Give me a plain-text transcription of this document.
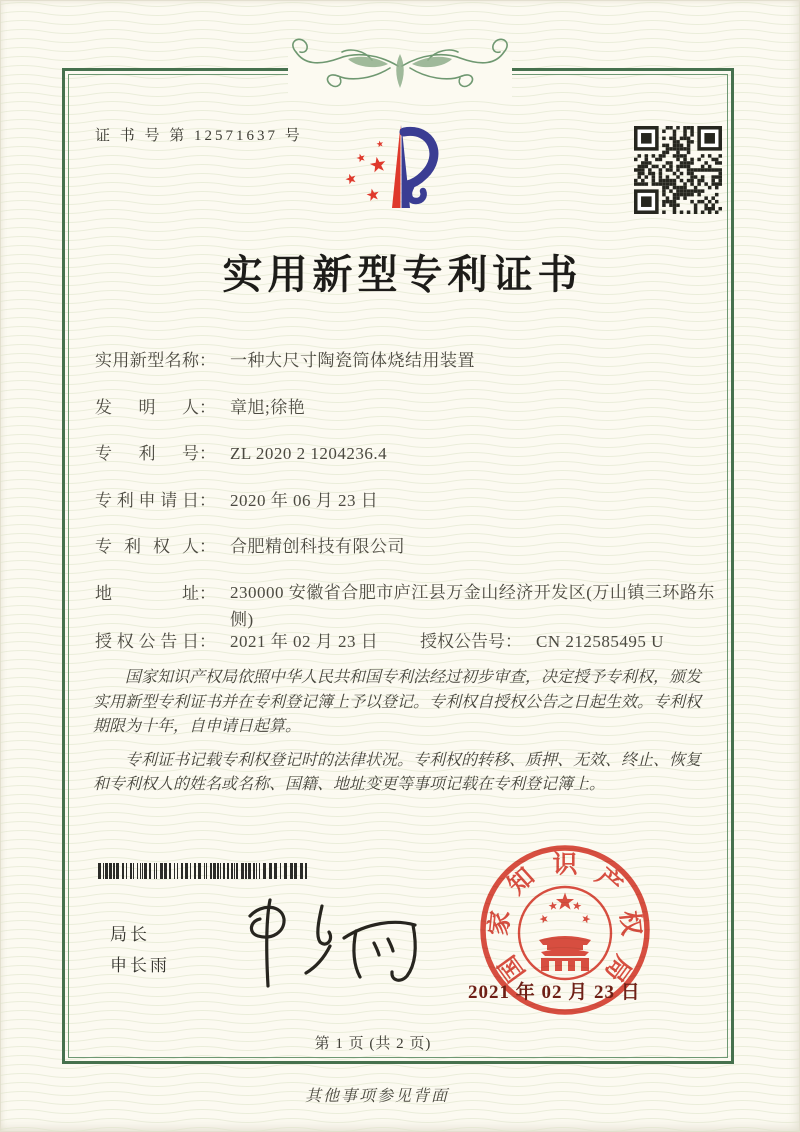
证 书 号 第 12571637 号
实用新型专利证书
实用新型名称： 一种大尺寸陶瓷筒体烧结用装置
发明人： 章旭;徐艳
专利号： ZL 2020 2 1204236.4
专利申请日： 2020 年 06 月 23 日
专利权人： 合肥精创科技有限公司
地址： 230000 安徽省合肥市庐江县万金山经济开发区(万山镇三环路东侧)
授权公告日： 2021 年 02 月 23 日 授权公告号： CN 212585495 U

国家知识产权局依照中华人民共和国专利法经过初步审查，决定授予专利权，颁发实用新型专利证书并在专利登记簿上予以登记。专利权自授权公告之日起生效。专利权期限为十年，自申请日起算。

专利证书记载专利权登记时的法律状况。专利权的转移、质押、无效、终止、恢复和专利权人的姓名或名称、国籍、地址变更等事项记载在专利登记簿上。

局长
申长雨	国
家
知 识 产
权
局
2021 年 02 月 23 日
第 1 页 (共 2 页)
其他事项参见背面
